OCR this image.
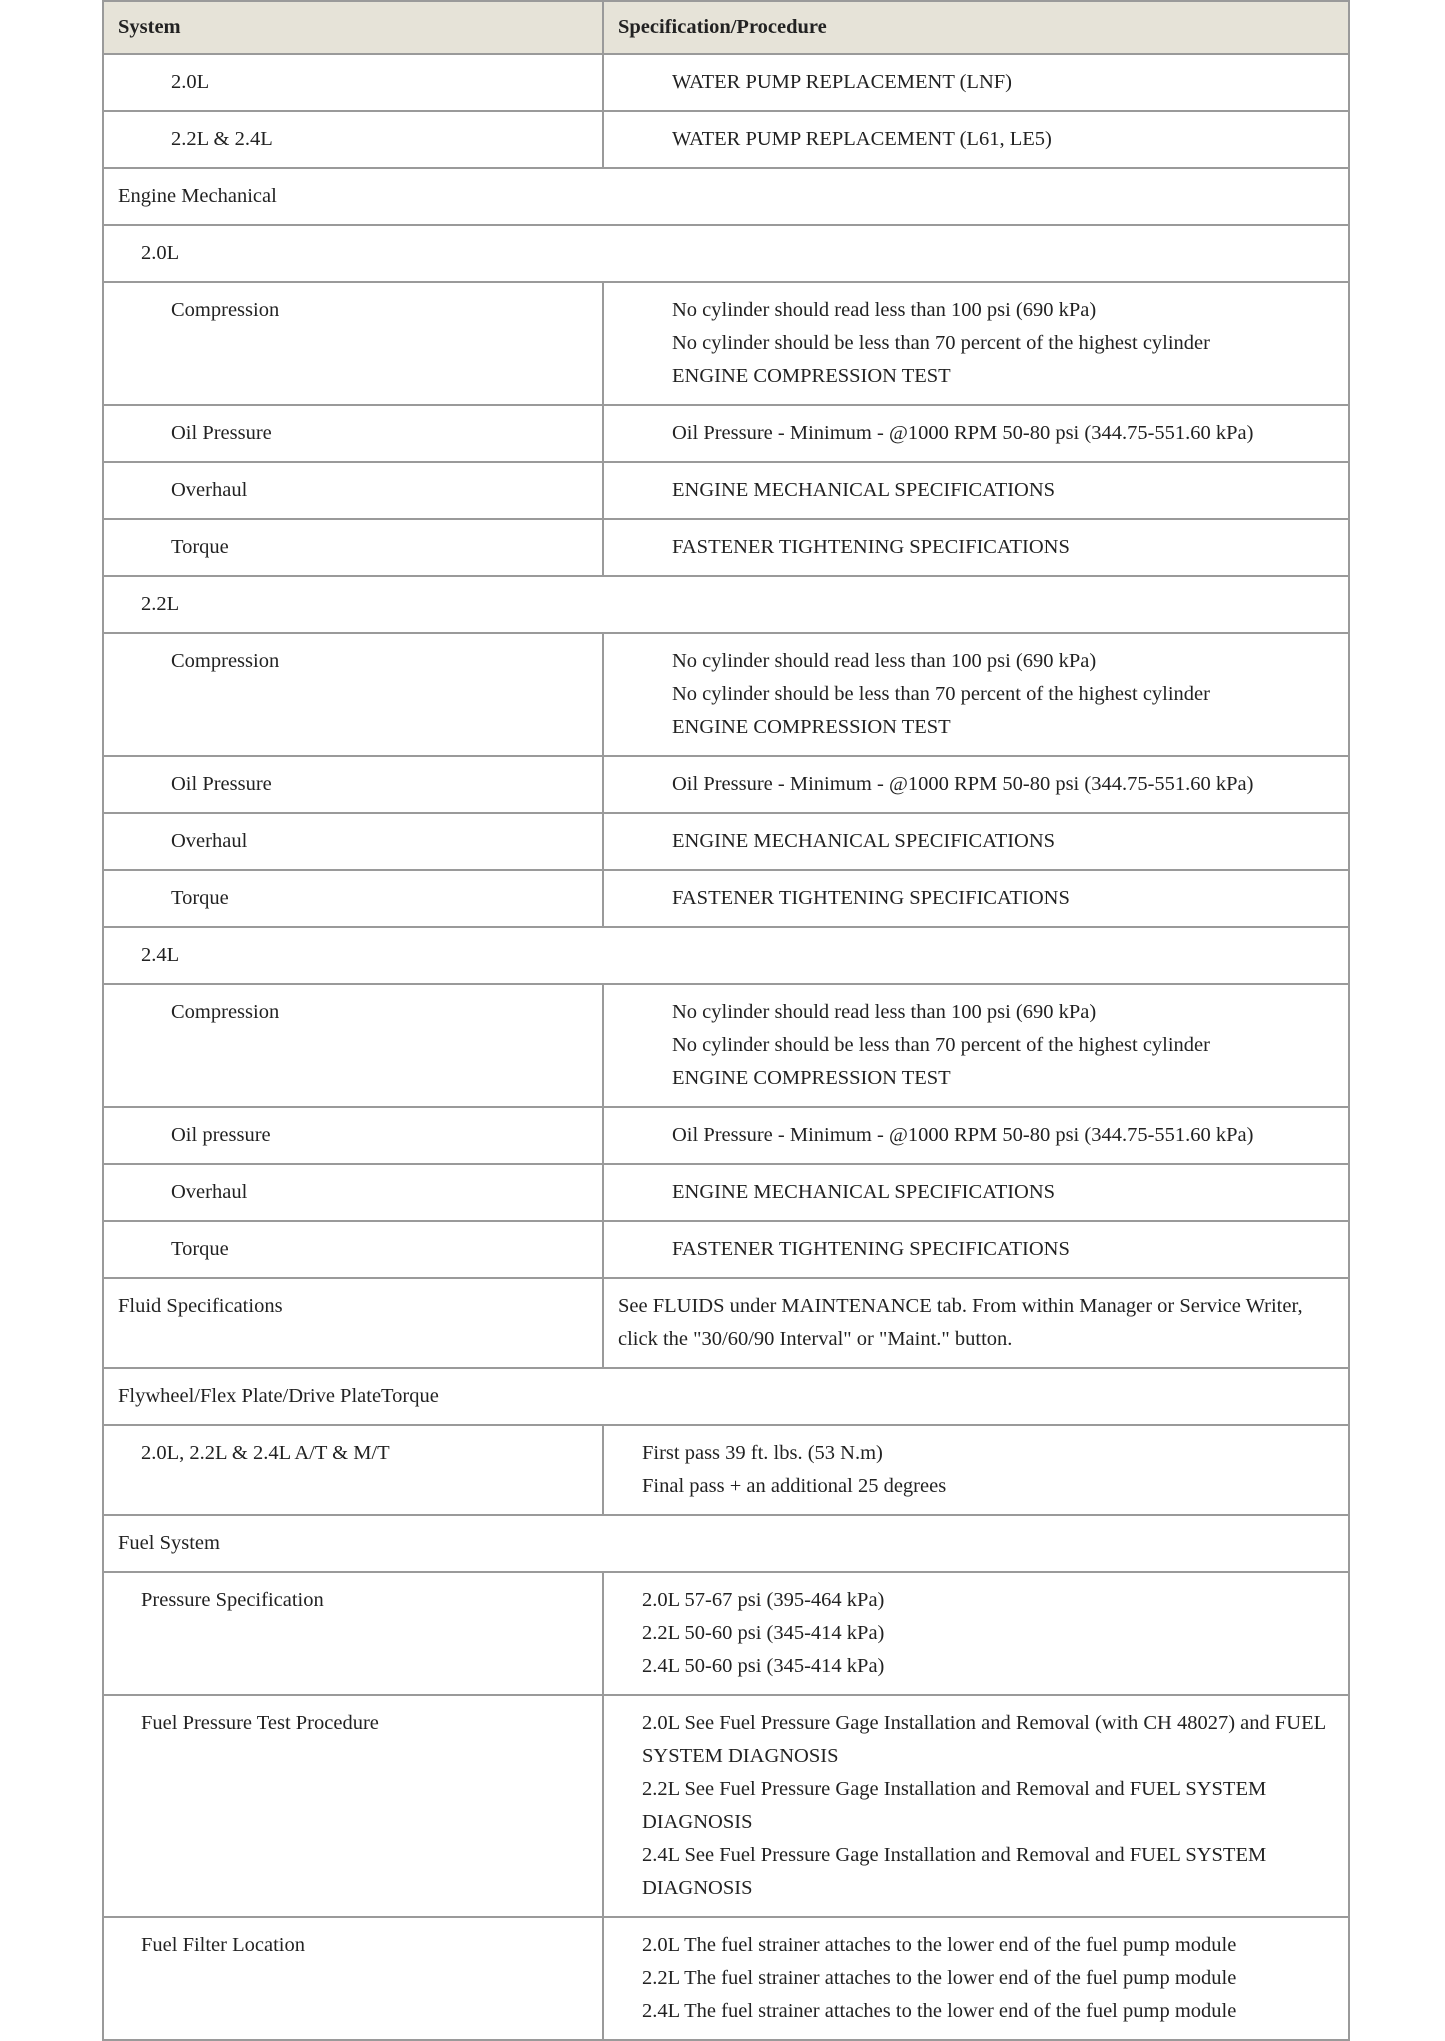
System	Specification/Procedure
2.0L	WATER PUMP REPLACEMENT (LNF)

2.2L & 2.4L	WATER PUMP REPLACEMENT (L61, LE5)

Engine Mechanical	
2.0L	
Compression	No cylinder should read less than 100 psi (690 kPa)
No cylinder should be less than 70 percent of the highest cylinder
ENGINE COMPRESSION TEST

Oil Pressure	Oil Pressure - Minimum - @1000 RPM 50-80 psi (344.75-551.60 kPa)

Overhaul	ENGINE MECHANICAL SPECIFICATIONS

Torque	FASTENER TIGHTENING SPECIFICATIONS

2.2L	
Compression	No cylinder should read less than 100 psi (690 kPa)
No cylinder should be less than 70 percent of the highest cylinder
ENGINE COMPRESSION TEST

Oil Pressure	Oil Pressure - Minimum - @1000 RPM 50-80 psi (344.75-551.60 kPa)

Overhaul	ENGINE MECHANICAL SPECIFICATIONS

Torque	FASTENER TIGHTENING SPECIFICATIONS

2.4L	
Compression	No cylinder should read less than 100 psi (690 kPa)
No cylinder should be less than 70 percent of the highest cylinder
ENGINE COMPRESSION TEST

Oil pressure	Oil Pressure - Minimum - @1000 RPM 50-80 psi (344.75-551.60 kPa)

Overhaul	ENGINE MECHANICAL SPECIFICATIONS

Torque	FASTENER TIGHTENING SPECIFICATIONS

Fluid Specifications	See FLUIDS under MAINTENANCE tab. From within Manager or Service Writer, click the "30/60/90 Interval" or "Maint." button.

Flywheel/Flex Plate/Drive PlateTorque	
2.0L, 2.2L & 2.4L A/T & M/T	First pass 39 ft. lbs. (53 N.m)
Final pass + an additional 25 degrees

Fuel System	
Pressure Specification	2.0L 57-67 psi (395-464 kPa)
2.2L 50-60 psi (345-414 kPa)
2.4L 50-60 psi (345-414 kPa)

Fuel Pressure Test Procedure	2.0L See Fuel Pressure Gage Installation and Removal (with CH 48027) and FUEL SYSTEM DIAGNOSIS
2.2L See Fuel Pressure Gage Installation and Removal and FUEL SYSTEM DIAGNOSIS
2.4L See Fuel Pressure Gage Installation and Removal and FUEL SYSTEM DIAGNOSIS

Fuel Filter Location	2.0L The fuel strainer attaches to the lower end of the fuel pump module
2.2L The fuel strainer attaches to the lower end of the fuel pump module
2.4L The fuel strainer attaches to the lower end of the fuel pump module
